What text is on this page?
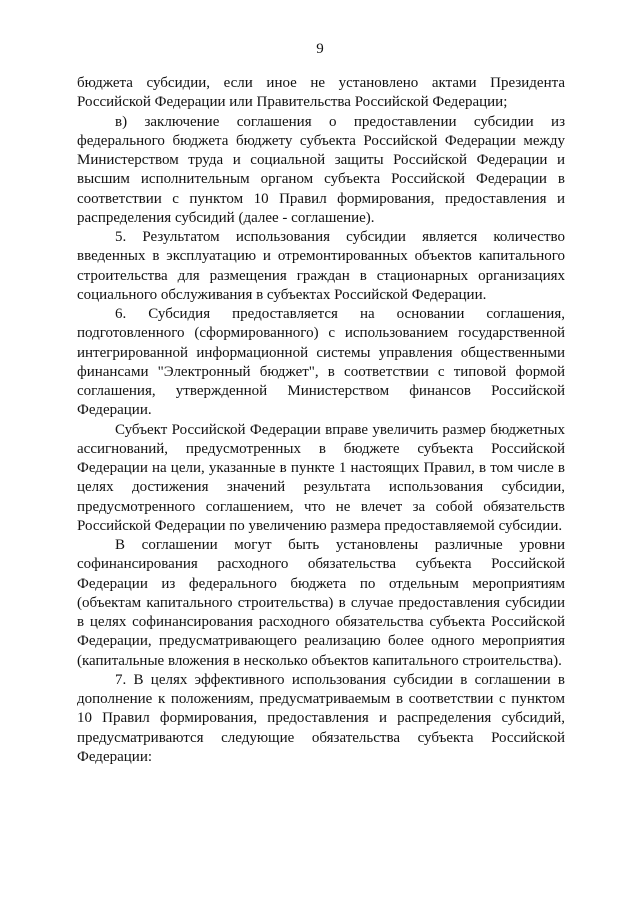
9

бюджета субсидии, если иное не установлено актами Президента Российской Федерации или Правительства Российской Федерации;

в) заключение соглашения о предоставлении субсидии из федерального бюджета бюджету субъекта Российской Федерации между Министерством труда и социальной защиты Российской Федерации и высшим исполнительным органом субъекта Российской Федерации в соответствии с пунктом 10 Правил формирования, предоставления и распределения субсидий (далее - соглашение).

5. Результатом использования субсидии является количество введенных в эксплуатацию и отремонтированных объектов капитального строительства для размещения граждан в стационарных организациях социального обслуживания в субъектах Российской Федерации.

6. Субсидия предоставляется на основании соглашения, подготовленного (сформированного) с использованием государственной интегрированной информационной системы управления общественными финансами "Электронный бюджет", в соответствии с типовой формой соглашения, утвержденной Министерством финансов Российской Федерации.

Субъект Российской Федерации вправе увеличить размер бюджетных ассигнований, предусмотренных в бюджете субъекта Российской Федерации на цели, указанные в пункте 1 настоящих Правил, в том числе в целях достижения значений результата использования субсидии, предусмотренного соглашением, что не влечет за собой обязательств Российской Федерации по увеличению размера предоставляемой субсидии.

В соглашении могут быть установлены различные уровни софинансирования расходного обязательства субъекта Российской Федерации из федерального бюджета по отдельным мероприятиям (объектам капитального строительства) в случае предоставления субсидии в целях софинансирования расходного обязательства субъекта Российской Федерации, предусматривающего реализацию более одного мероприятия (капитальные вложения в несколько объектов капитального строительства).

7. В целях эффективного использования субсидии в соглашении в дополнение к положениям, предусматриваемым в соответствии с пунктом 10 Правил формирования, предоставления и распределения субсидий, предусматриваются следующие обязательства субъекта Российской Федерации:
